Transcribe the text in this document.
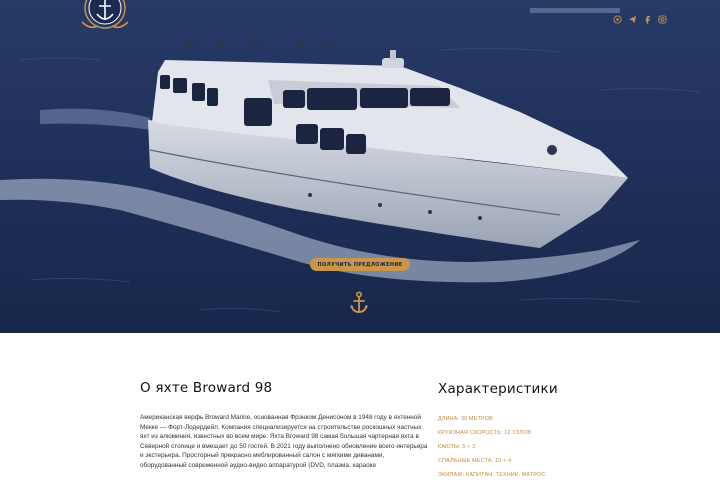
ПОЛУЧИТЬ ПРЕДЛОЖЕНИЕ
О яхте Broward 98

Американская верфь Broward Marine, основанная Фрэнком Денисоном в 1948 году в яхтенной Мекке — Форт-Лодердейл. Компания специализируется на строительстве роскошных частных яхт из алюминия, известных во всем мире. Яхта Broward 98 самая большая чартерная яхта в Северной столице и вмещает до 50 гостей. В 2021 году выполнено обновление всего интерьера и экстерьера. Просторный прекрасно меблированный салон с мягкими диванами, оборудованный современной аудио-видео аппаратурой (DVD, плазма, караоке

Характеристики
ДЛИНА: 30 МЕТРОВ
КРУИЗНАЯ СКОРОСТЬ: 12 УЗЛОВ
КАЮТЫ: 5 + 2
СПАЛЬНЫЕ МЕСТА: 10 + 4
ЭКИПАЖ: КАПИТАН, ТЕХНИК, МАТРОС
